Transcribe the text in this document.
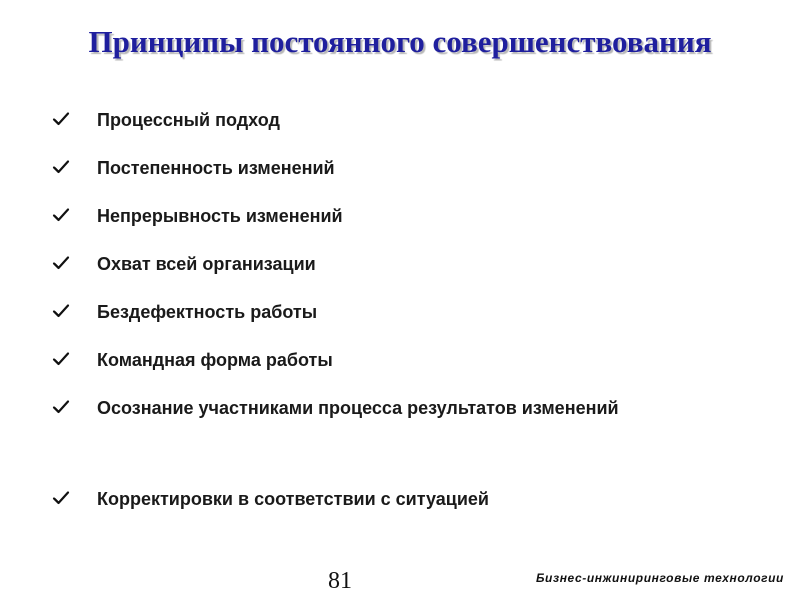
Принципы постоянного совершенствования
Процессный подход
Постепенность изменений
Непрерывность изменений
Охват всей организации
Бездефектность работы
Командная форма работы
Осознание участниками процесса результатов изменений
Корректировки в соответствии с ситуацией
81	Бизнес-инжиниринговые технологии
